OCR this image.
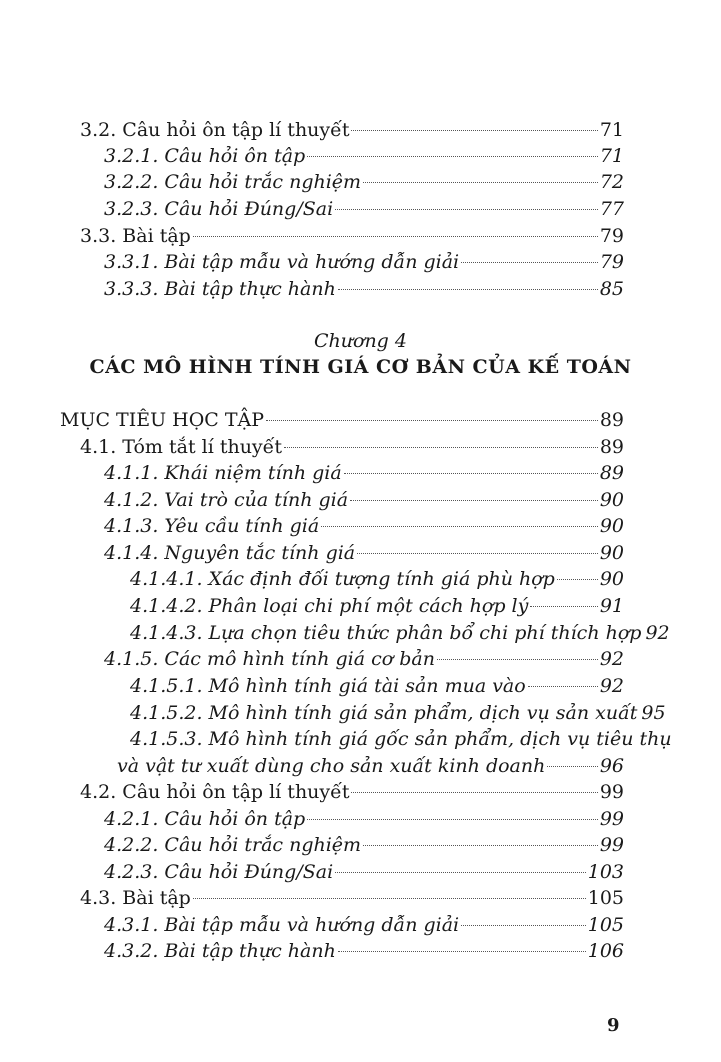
3.2. Câu hỏi ôn tập lí thuyết	71
3.2.1. Câu hỏi ôn tập	71
3.2.2. Câu hỏi trắc nghiệm	72
3.2.3. Câu hỏi Đúng/Sai	77
3.3. Bài tập	79
3.3.1. Bài tập mẫu và hướng dẫn giải	79
3.3.3. Bài tập thực hành	85
Chương 4
CÁC MÔ HÌNH TÍNH GIÁ CƠ BẢN CỦA KẾ TOÁN
MỤC TIÊU HỌC TẬP	89
4.1. Tóm tắt lí thuyết	89
4.1.1. Khái niệm tính giá	89
4.1.2. Vai trò của tính giá	90
4.1.3. Yêu cầu tính giá	90
4.1.4. Nguyên tắc tính giá	90
4.1.4.1. Xác định đối tượng tính giá phù hợp 90
4.1.4.2. Phân loại chi phí một cách hợp lý	91
4.1.4.3. Lựa chọn tiêu thức phân bổ chi phí thích hợp 92
4.1.5. Các mô hình tính giá cơ bản	92
4.1.5.1. Mô hình tính giá tài sản mua vào	92
4.1.5.2. Mô hình tính giá sản phẩm, dịch vụ sản xuất 95
4.1.5.3. Mô hình tính giá gốc sản phẩm, dịch vụ tiêu thụ
và vật tư xuất dùng cho sản xuất kinh doanh	96
4.2. Câu hỏi ôn tập lí thuyết	99
4.2.1. Câu hỏi ôn tập	99
4.2.2. Câu hỏi trắc nghiệm	99
4.2.3. Câu hỏi Đúng/Sai	103
4.3. Bài tập	105
4.3.1. Bài tập mẫu và hướng dẫn giải	105
4.3.2. Bài tập thực hành	106
9
